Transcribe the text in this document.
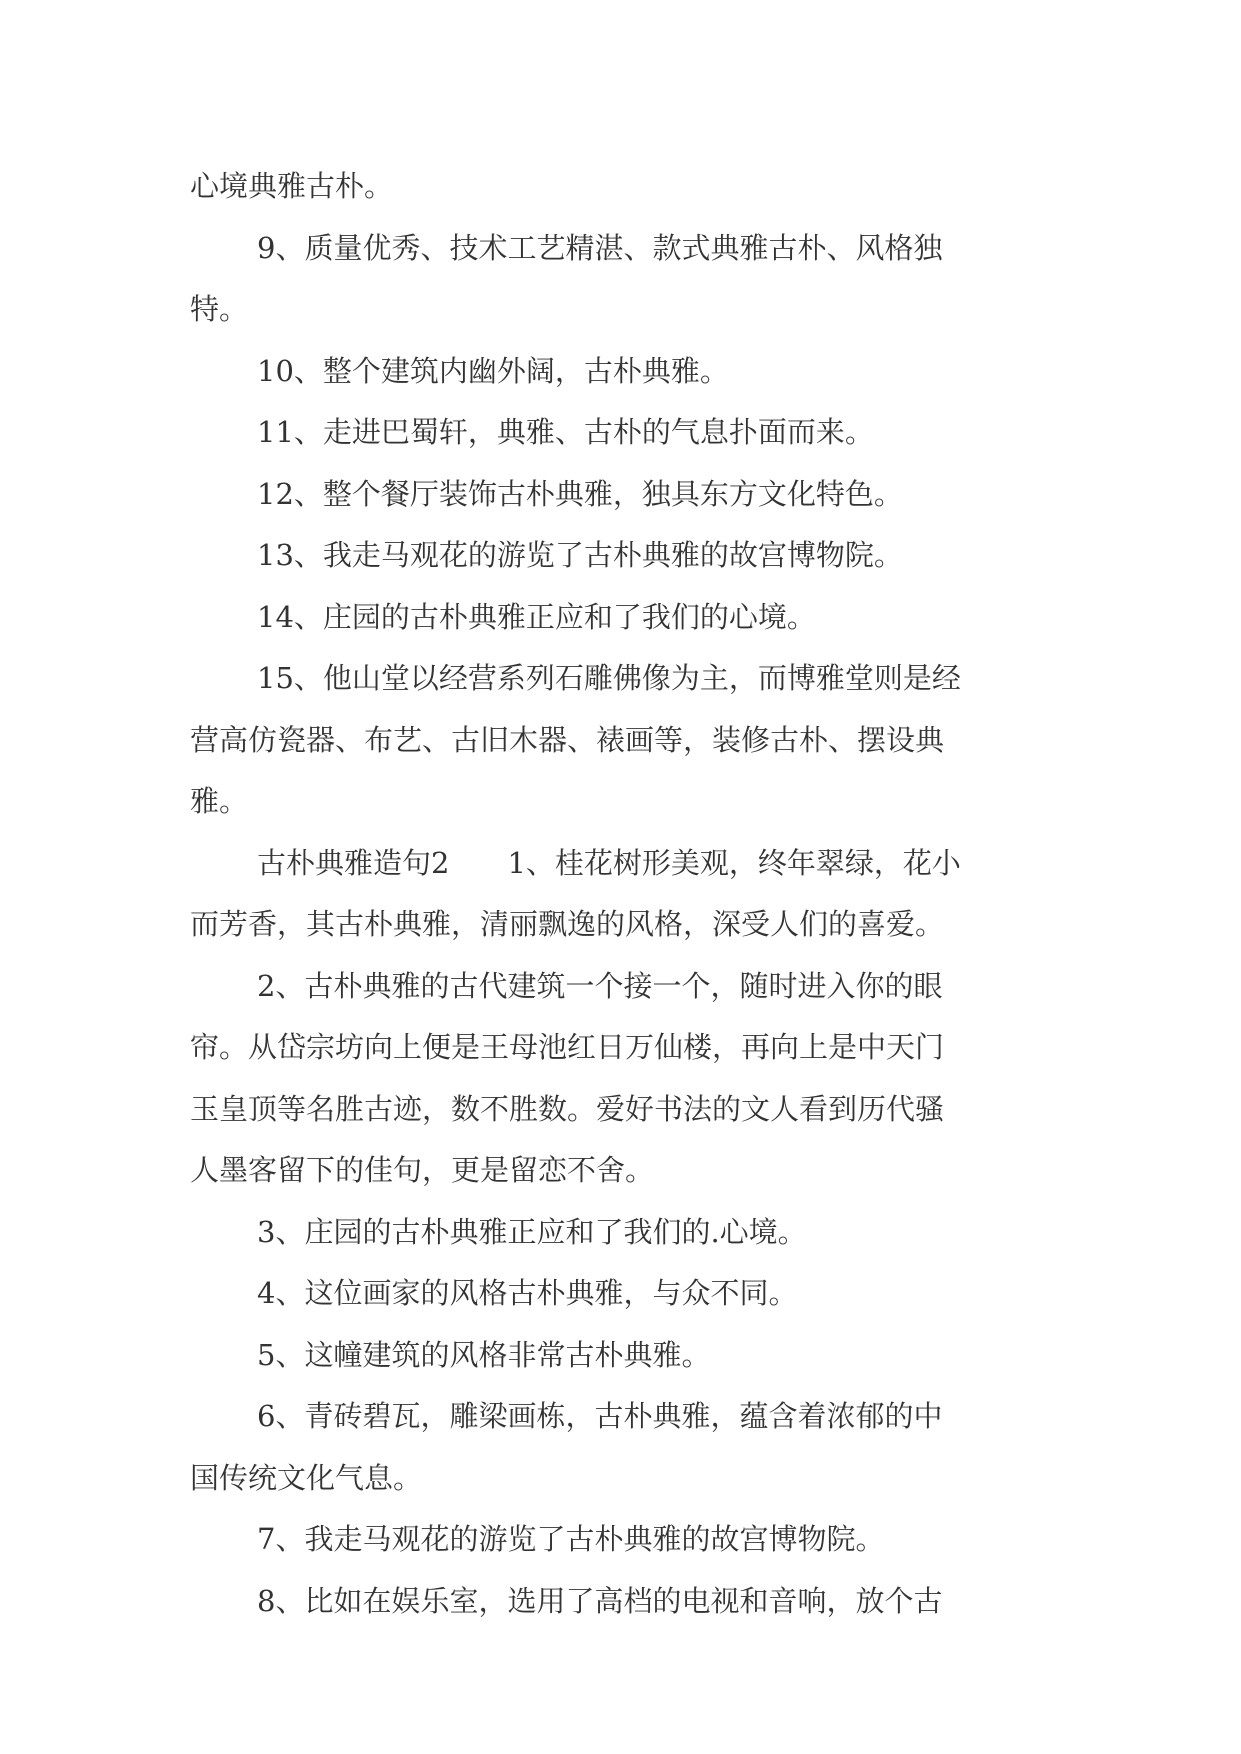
心境典雅古朴。
9、质量优秀、技术工艺精湛、款式典雅古朴、风格独
特。
10、整个建筑内幽外阔，古朴典雅。
11、走进巴蜀轩，典雅、古朴的气息扑面而来。
12、整个餐厅装饰古朴典雅，独具东方文化特色。
13、我走马观花的游览了古朴典雅的故宫博物院。
14、庄园的古朴典雅正应和了我们的心境。
15、他山堂以经营系列石雕佛像为主，而博雅堂则是经
营高仿瓷器、布艺、古旧木器、裱画等，装修古朴、摆设典
雅。
古朴典雅造句2　　1、桂花树形美观，终年翠绿，花小
而芳香，其古朴典雅，清丽飘逸的风格，深受人们的喜爱。
2、古朴典雅的古代建筑一个接一个，随时进入你的眼
帘。从岱宗坊向上便是王母池红日万仙楼，再向上是中天门
玉皇顶等名胜古迹，数不胜数。爱好书法的文人看到历代骚
人墨客留下的佳句，更是留恋不舍。
3、庄园的古朴典雅正应和了我们的.心境。
4、这位画家的风格古朴典雅，与众不同。
5、这幢建筑的风格非常古朴典雅。
6、青砖碧瓦，雕梁画栋，古朴典雅，蕴含着浓郁的中
国传统文化气息。
7、我走马观花的游览了古朴典雅的故宫博物院。
8、比如在娱乐室，选用了高档的电视和音响，放个古
